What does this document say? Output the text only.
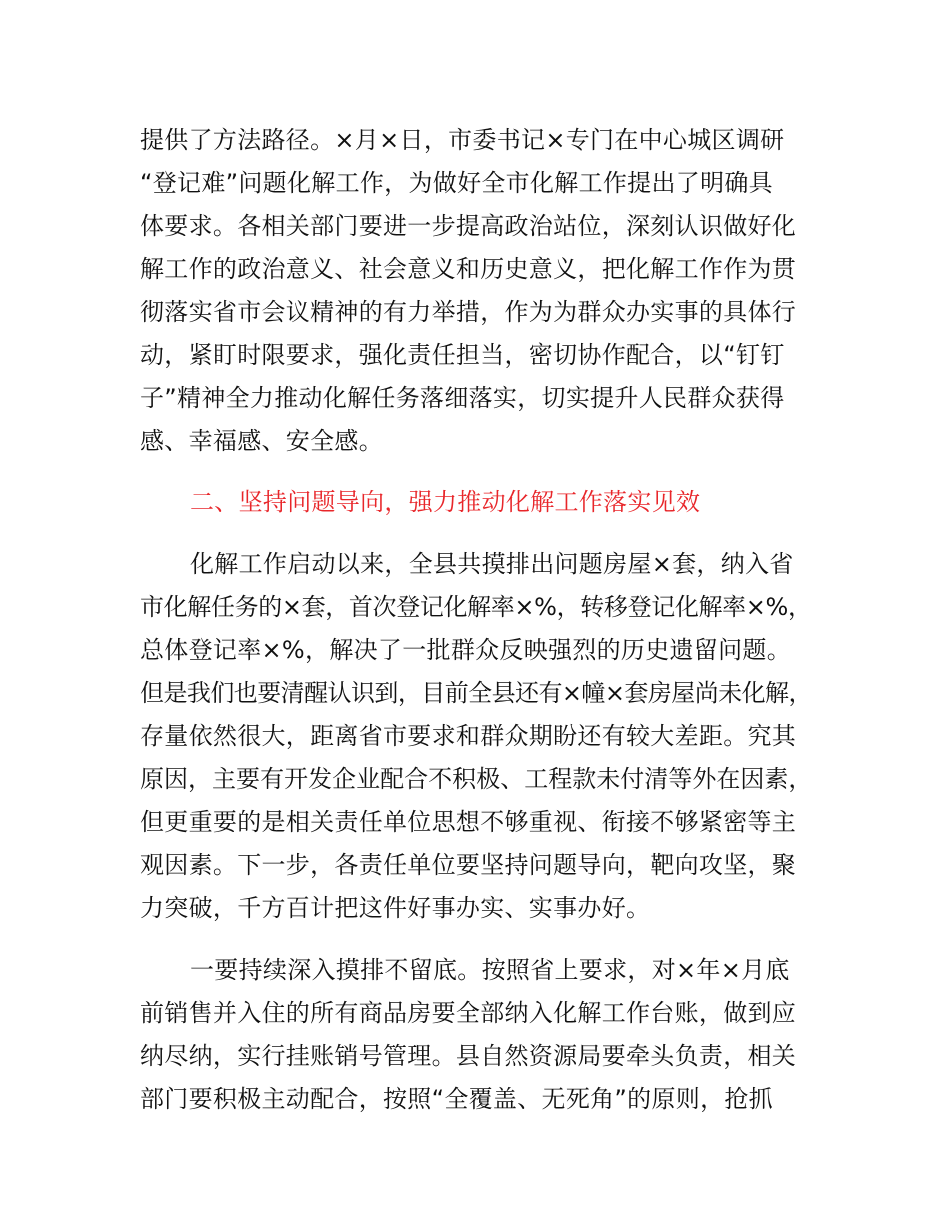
提供了方法路径。×月×日，市委书记×专门在中心城区调研
“登记难”问题化解工作，为做好全市化解工作提出了明确具
体要求。各相关部门要进一步提高政治站位，深刻认识做好化
解工作的政治意义、社会意义和历史意义，把化解工作作为贯
彻落实省市会议精神的有力举措，作为为群众办实事的具体行
动，紧盯时限要求，强化责任担当，密切协作配合，以“钉钉
子”精神全力推动化解任务落细落实，切实提升人民群众获得
感、幸福感、安全感。
二、坚持问题导向，强力推动化解工作落实见效
化解工作启动以来，全县共摸排出问题房屋×套，纳入省
市化解任务的×套，首次登记化解率×%，转移登记化解率×%，
总体登记率×%，解决了一批群众反映强烈的历史遗留问题。
但是我们也要清醒认识到，目前全县还有×幢×套房屋尚未化解，
存量依然很大，距离省市要求和群众期盼还有较大差距。究其
原因，主要有开发企业配合不积极、工程款未付清等外在因素，
但更重要的是相关责任单位思想不够重视、衔接不够紧密等主
观因素。下一步，各责任单位要坚持问题导向，靶向攻坚，聚
力突破，千方百计把这件好事办实、实事办好。
一要持续深入摸排不留底。按照省上要求，对×年×月底
前销售并入住的所有商品房要全部纳入化解工作台账，做到应
纳尽纳，实行挂账销号管理。县自然资源局要牵头负责，相关
部门要积极主动配合，按照“全覆盖、无死角”的原则，抢抓
